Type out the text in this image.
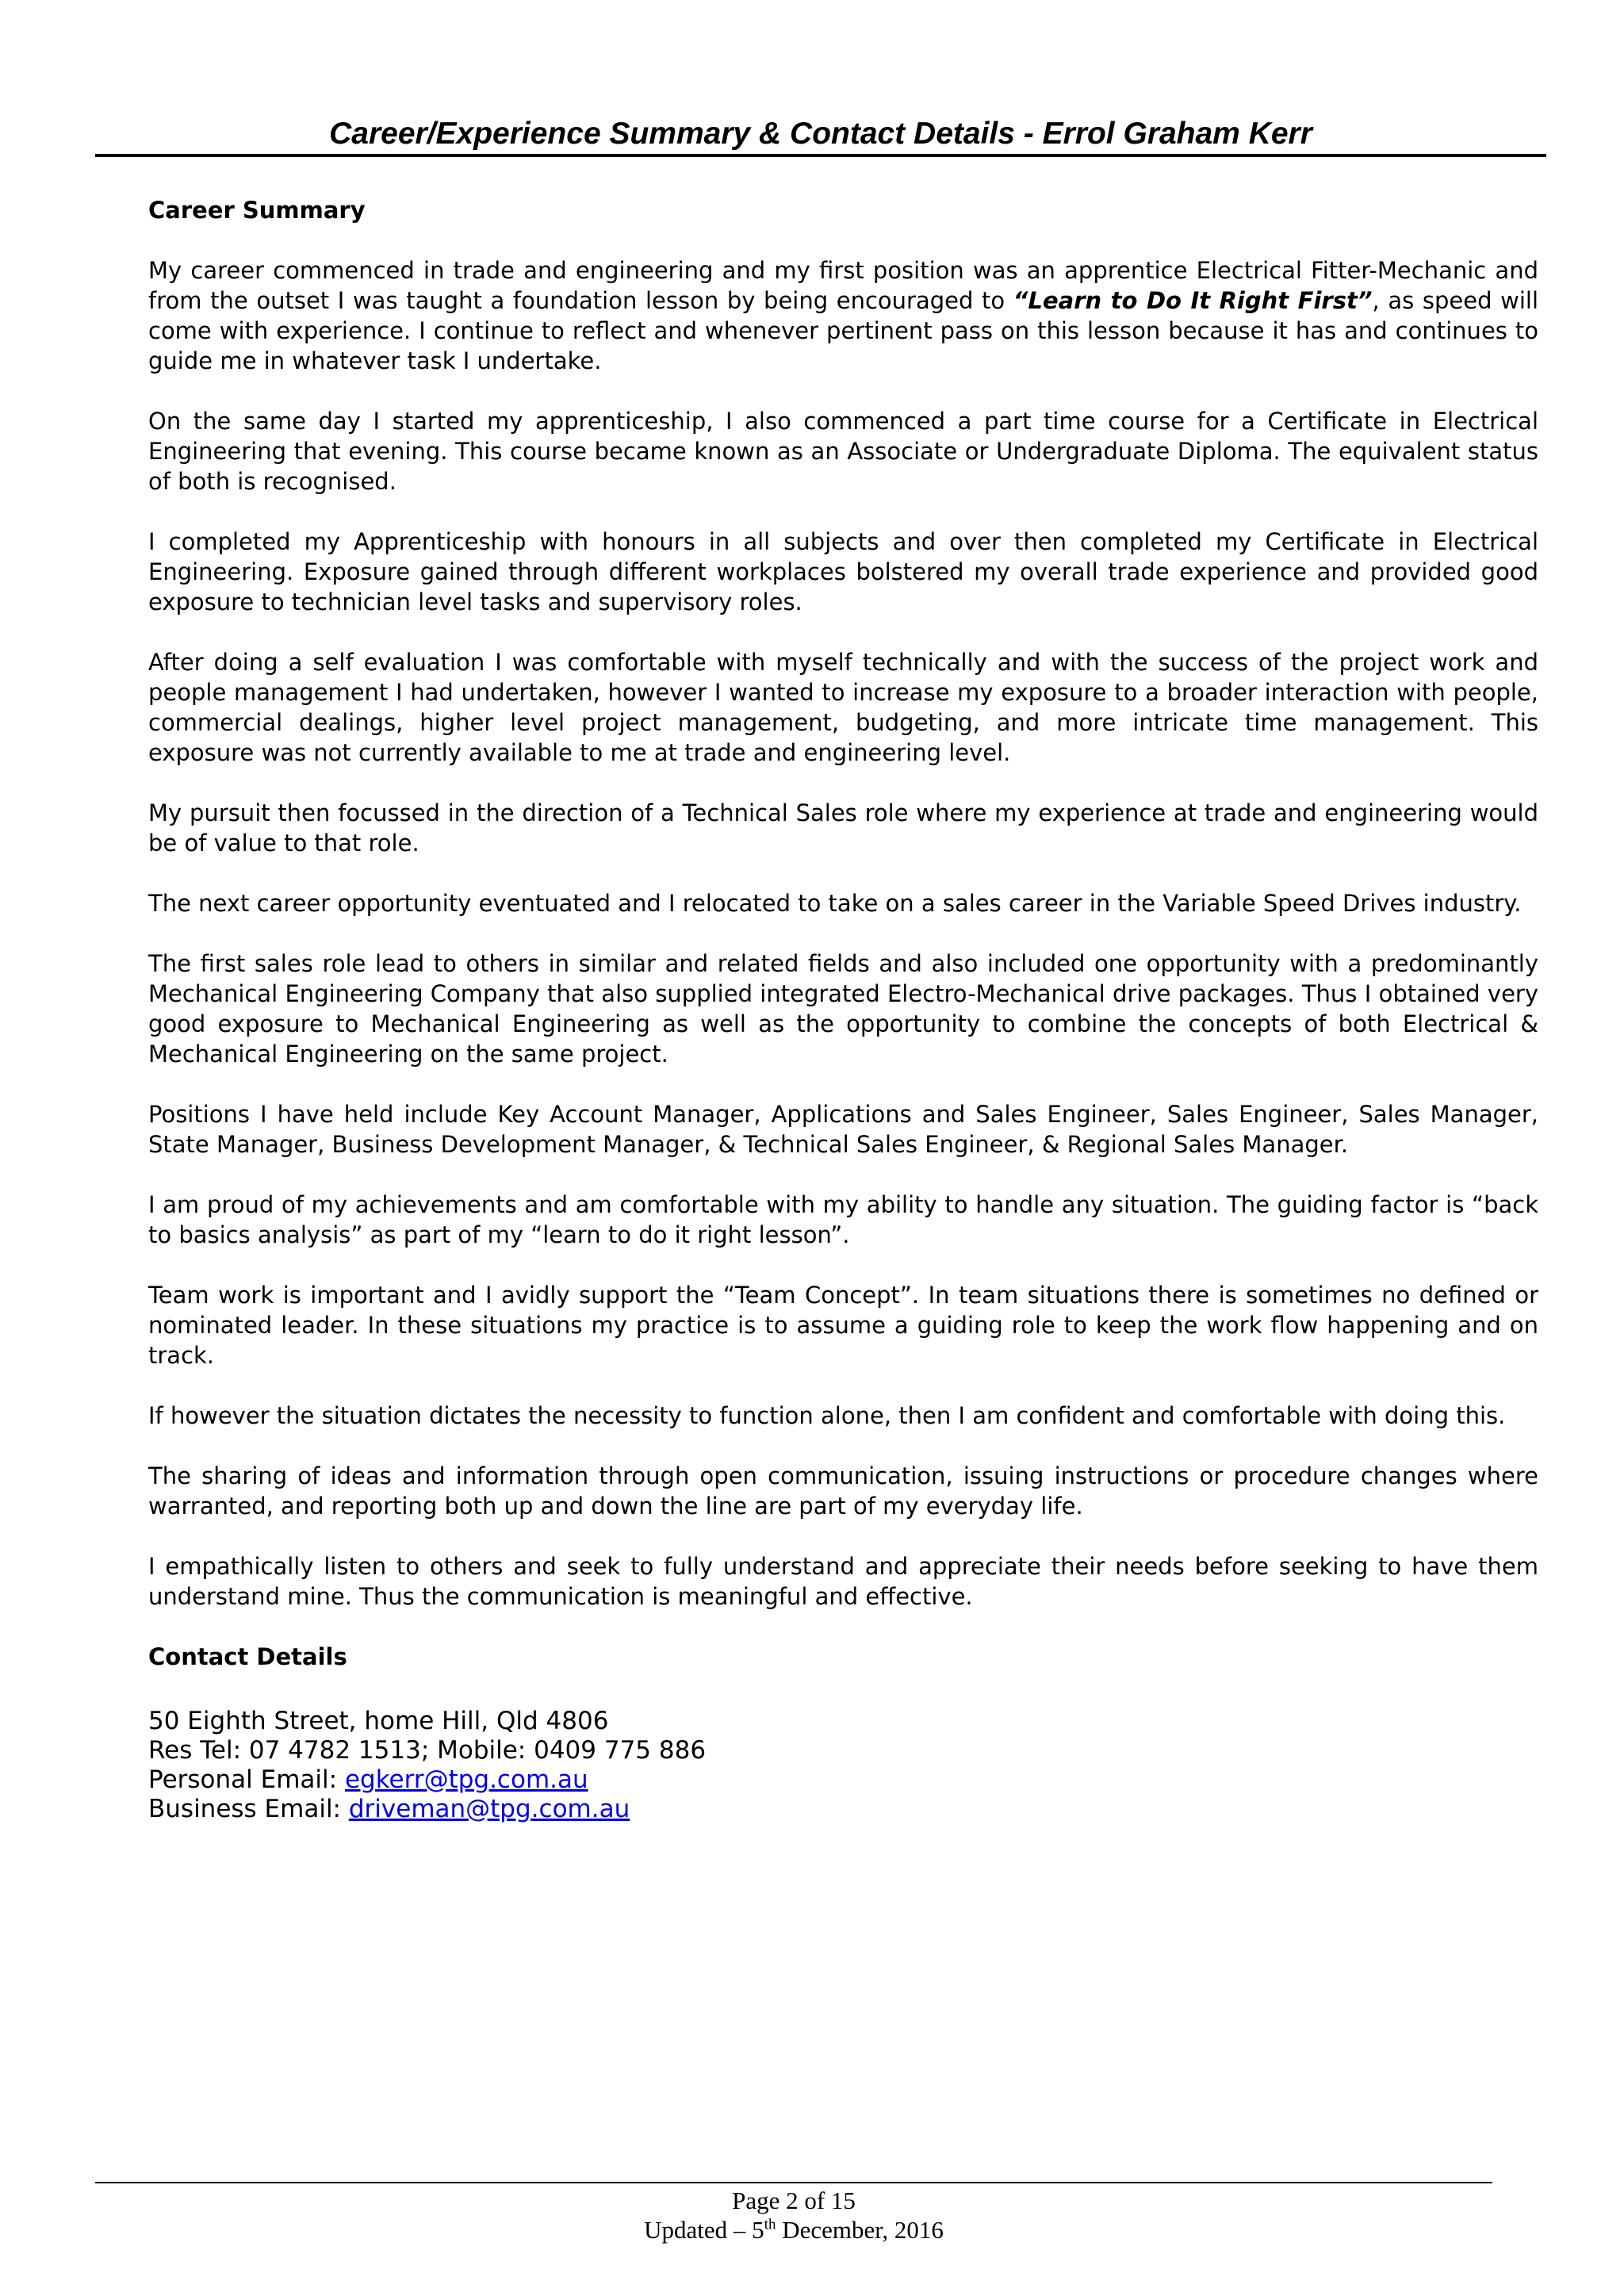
Career/Experience Summary & Contact Details - Errol Graham Kerr
Career Summary

My career commenced in trade and engineering and my first position was an apprentice Electrical Fitter-Mechanic and from the outset I was taught a foundation lesson by being encouraged to “Learn to Do It Right First”, as speed will come with experience. I continue to reflect and whenever pertinent pass on this lesson because it has and continues to guide me in whatever task I undertake.

On the same day I started my apprenticeship, I also commenced a part time course for a Certificate in Electrical Engineering that evening. This course became known as an Associate or Undergraduate Diploma. The equivalent status of both is recognised.

I completed my Apprenticeship with honours in all subjects and over then completed my Certificate in Electrical Engineering. Exposure gained through different workplaces bolstered my overall trade experience and provided good exposure to technician level tasks and supervisory roles.

After doing a self evaluation I was comfortable with myself technically and with the success of the project work and people management I had undertaken, however I wanted to increase my exposure to a broader interaction with people, commercial dealings, higher level project management, budgeting, and more intricate time management. This exposure was not currently available to me at trade and engineering level.

My pursuit then focussed in the direction of a Technical Sales role where my experience at trade and engineering would be of value to that role.

The next career opportunity eventuated and I relocated to take on a sales career in the Variable Speed Drives industry.

The first sales role lead to others in similar and related fields and also included one opportunity with a predominantly Mechanical Engineering Company that also supplied integrated Electro-Mechanical drive packages. Thus I obtained very good exposure to Mechanical Engineering as well as the opportunity to combine the concepts of both Electrical & Mechanical Engineering on the same project.

Positions I have held include Key Account Manager, Applications and Sales Engineer, Sales Engineer, Sales Manager, State Manager, Business Development Manager, & Technical Sales Engineer, & Regional Sales Manager.

I am proud of my achievements and am comfortable with my ability to handle any situation. The guiding factor is “back to basics analysis” as part of my “learn to do it right lesson”.

Team work is important and I avidly support the “Team Concept”. In team situations there is sometimes no defined or nominated leader. In these situations my practice is to assume a guiding role to keep the work flow happening and on track.

If however the situation dictates the necessity to function alone, then I am confident and comfortable with doing this.

The sharing of ideas and information through open communication, issuing instructions or procedure changes where warranted, and reporting both up and down the line are part of my everyday life.

I empathically listen to others and seek to fully understand and appreciate their needs before seeking to have them understand mine. Thus the communication is meaningful and effective.

Contact Details

50 Eighth Street, home Hill, Qld 4806

Res Tel: 07 4782 1513; Mobile: 0409 775 886

Personal Email: egkerr@tpg.com.au

Business Email: driveman@tpg.com.au

Page 2 of 15
Updated – 5th December, 2016
